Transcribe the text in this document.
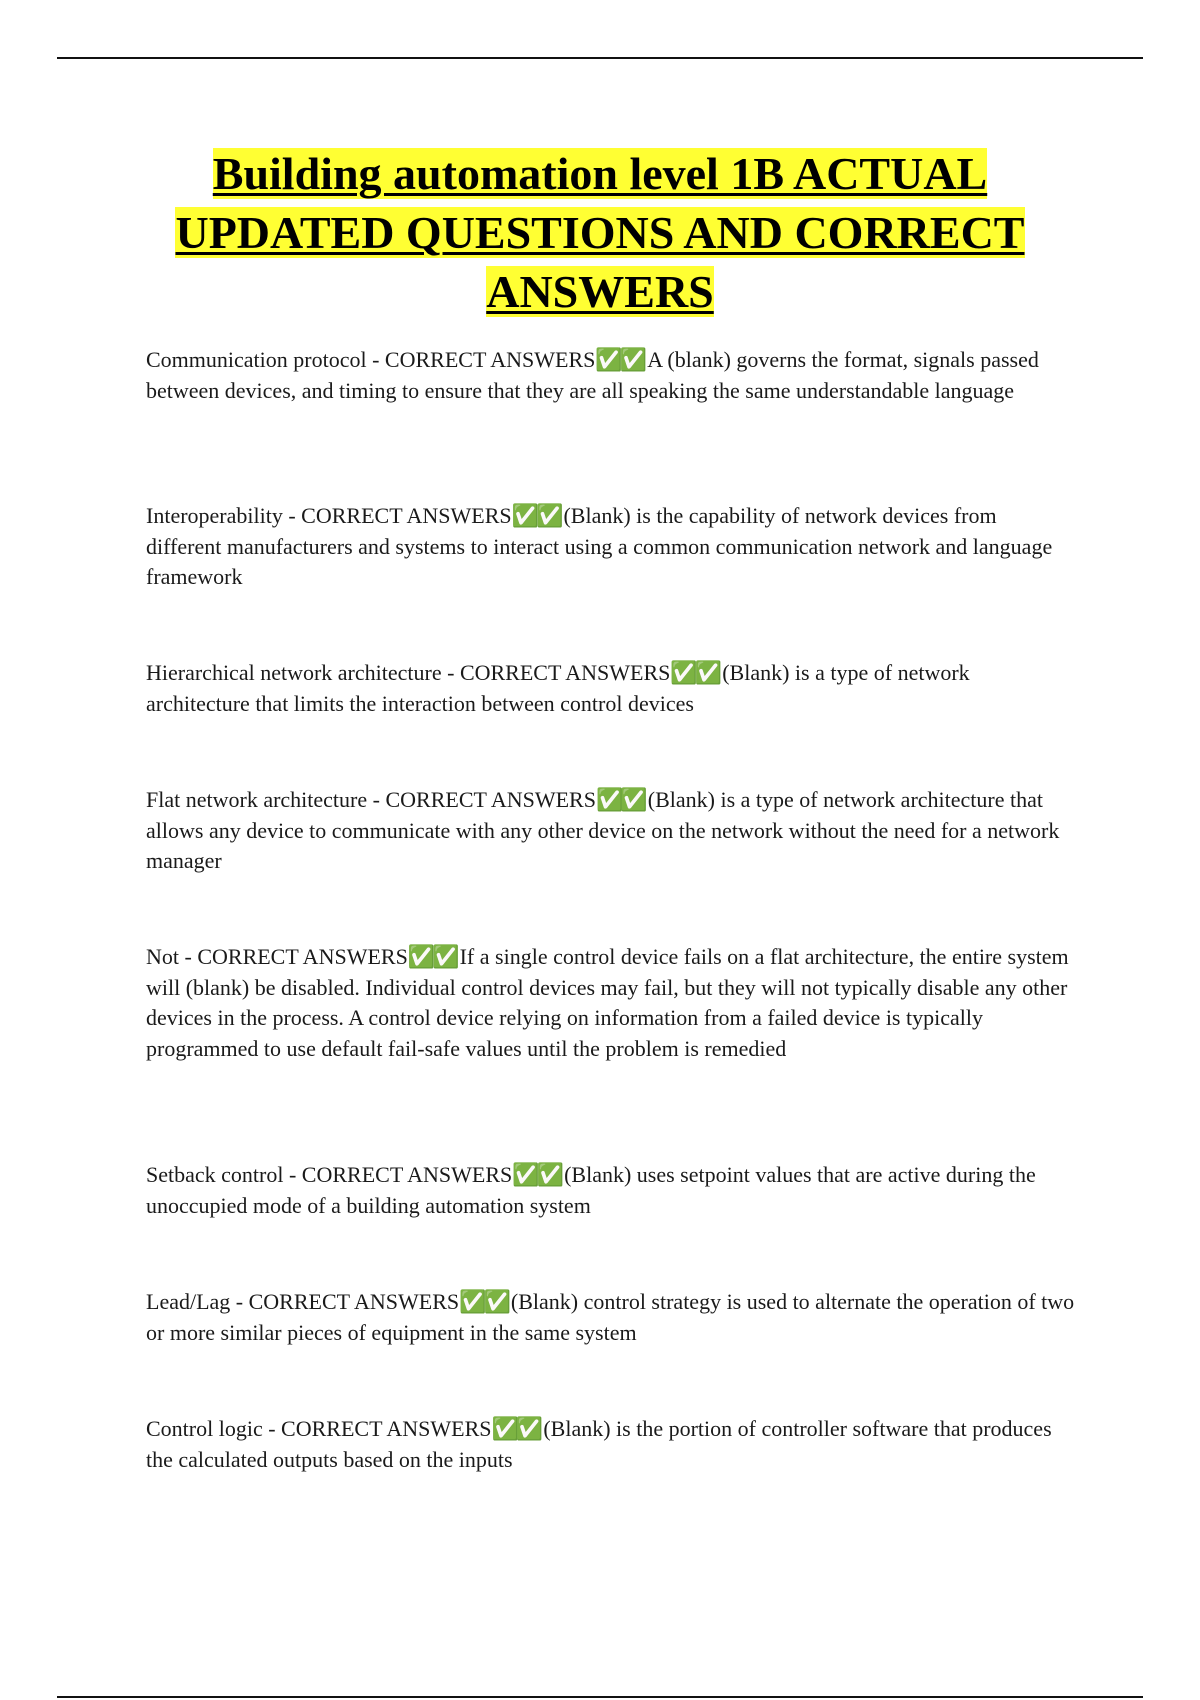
Building automation level 1B ACTUAL UPDATED QUESTIONS AND CORRECT ANSWERS

Communication protocol - CORRECT ANSWERS✅✅ A (blank) governs the format, signals passed between devices, and timing to ensure that they are all speaking the same understandable language

Interoperability - CORRECT ANSWERS✅✅ (Blank) is the capability of network devices from different manufacturers and systems to interact using a common communication network and language framework

Hierarchical network architecture - CORRECT ANSWERS✅✅ (Blank) is a type of network architecture that limits the interaction between control devices

Flat network architecture - CORRECT ANSWERS✅✅ (Blank) is a type of network architecture that allows any device to communicate with any other device on the network without the need for a network manager

Not - CORRECT ANSWERS✅✅ If a single control device fails on a flat architecture, the entire system will (blank) be disabled. Individual control devices may fail, but they will not typically disable any other devices in the process. A control device relying on information from a failed device is typically programmed to use default fail-safe values until the problem is remedied

Setback control - CORRECT ANSWERS✅✅ (Blank) uses setpoint values that are active during the unoccupied mode of a building automation system

Lead/Lag - CORRECT ANSWERS✅✅ (Blank) control strategy is used to alternate the operation of two or more similar pieces of equipment in the same system

Control logic - CORRECT ANSWERS✅✅ (Blank) is the portion of controller software that produces the calculated outputs based on the inputs
